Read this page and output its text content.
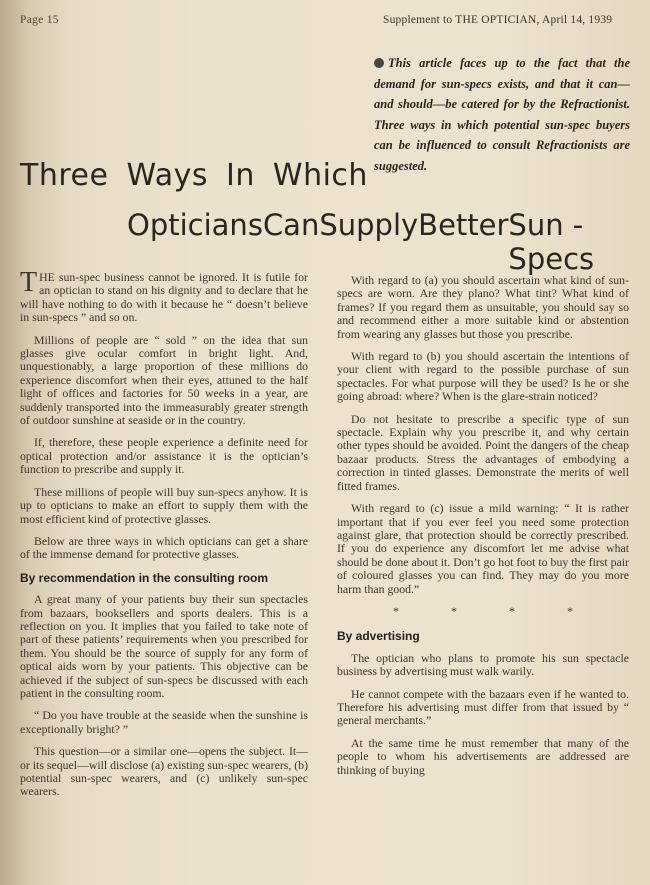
Page 15	Supplement to THE OPTICIAN, April 14, 1939
This article faces up to the fact that the demand for sun-specs exists, and that it can—and should—be catered for by the Refractionist. Three ways in which potential sun-spec buyers can be influenced to consult Refractionists are suggested.
Three Ways In Which
Opticians Can Supply Better Sun - Specs

THE sun-spec business cannot be ignored. It is futile for an optician to stand on his dignity and to declare that he will have nothing to do with it because he “ doesn’t believe in sun-specs ” and so on.

Millions of people are “ sold ” on the idea that sun glasses give ocular comfort in bright light. And, unquestionably, a large proportion of these millions do experience discomfort when their eyes, attuned to the half light of offices and factories for 50 weeks in a year, are suddenly transported into the immeasurably greater strength of outdoor sunshine at seaside or in the country.

If, therefore, these people experience a definite need for optical protection and/or assistance it is the optician’s function to prescribe and supply it.

These millions of people will buy sun-specs anyhow. It is up to opticians to make an effort to supply them with the most efficient kind of protective glasses.

Below are three ways in which opticians can get a share of the immense demand for protective glasses.

By recommendation in the consulting room

A great many of your patients buy their sun spectacles from bazaars, booksellers and sports dealers. This is a reflection on you. It implies that you failed to take note of part of these patients’ requirements when you prescribed for them. You should be the source of supply for any form of optical aids worn by your patients. This objective can be achieved if the subject of sun-specs be discussed with each patient in the consulting room.

“ Do you have trouble at the seaside when the sunshine is exceptionally bright? ”

This question—or a similar one—opens the subject. It—or its sequel—will disclose (a) existing sun-spec wearers, (b) potential sun-spec wearers, and (c) unlikely sun-spec wearers.

With regard to (a) you should ascertain what kind of sun-specs are worn. Are they plano? What tint? What kind of frames? If you regard them as unsuitable, you should say so and recommend either a more suitable kind or abstention from wearing any glasses but those you prescribe.

With regard to (b) you should ascertain the intentions of your client with regard to the possible purchase of sun spectacles. For what purpose will they be used? Is he or she going abroad: where? When is the glare-strain noticed?

Do not hesitate to prescribe a specific type of sun spectacle. Explain why you prescribe it, and why certain other types should be avoided. Point the dangers of the cheap bazaar products. Stress the advantages of embodying a correction in tinted glasses. Demonstrate the merits of well fitted frames.

With regard to (c) issue a mild warning: “ It is rather important that if you ever feel you need some protection against glare, that protection should be correctly prescribed. If you do experience any discomfort let me advise what should be done about it. Don’t go hot foot to buy the first pair of coloured glasses you can find. They may do you more harm than good.”

*	*	*	*
By advertising

The optician who plans to promote his sun spectacle business by advertising must walk warily.

He cannot compete with the bazaars even if he wanted to. Therefore his advertising must differ from that issued by “ general merchants.”

At the same time he must remember that many of the people to whom his advertisements are addressed are thinking of buying
